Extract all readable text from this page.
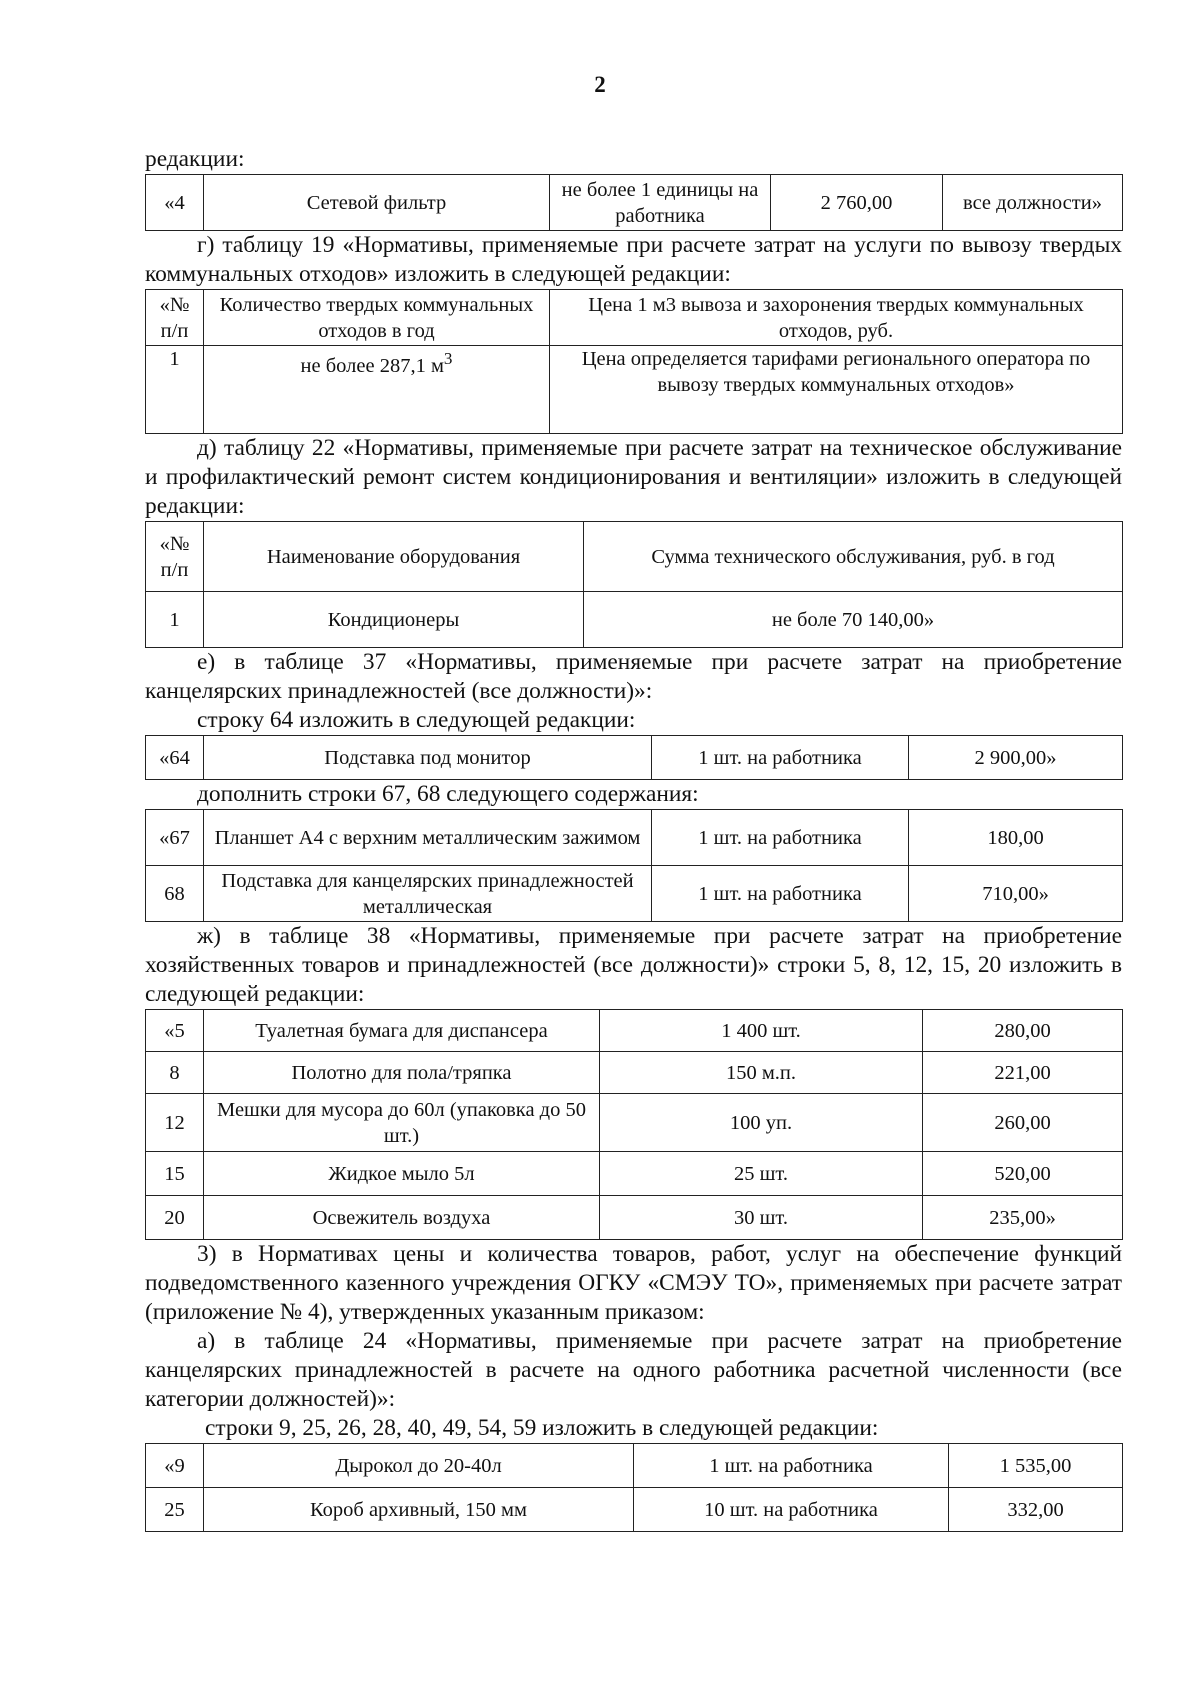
2

редакции:

«4	Сетевой фильтр	не более 1 единицы на работника	2 760,00	все должности»

г) таблицу 19 «Нормативы, применяемые при расчете затрат на услуги по вывозу твердых коммунальных отходов» изложить в следующей редакции:

«№ п/п	Количество твердых коммунальных отходов в год	Цена 1 м3 вывоза и захоронения твердых коммунальных отходов, руб.
1	не более 287,1 $м^3$	Цена определяется тарифами регионального оператора по вывозу твердых коммунальных отходов»

д) таблицу 22 «Нормативы, применяемые при расчете затрат на техническое обслуживание и профилактический ремонт систем кондиционирования и вентиляции» изложить в следующей редакции:

«№ п/п	Наименование оборудования	Сумма технического обслуживания, руб. в год
1	Кондиционеры	не боле 70 140,00»

е) в таблице 37 «Нормативы, применяемые при расчете затрат на приобретение канцелярских принадлежностей (все должности)»:

строку 64 изложить в следующей редакции:

«64	Подставка под монитор	1 шт. на работника	2 900,00»

дополнить строки 67, 68 следующего содержания:

«67	Планшет А4 с верхним металлическим зажимом	1 шт. на работника	180,00
68	Подставка для канцелярских принадлежностей металлическая	1 шт. на работника	710,00»

ж) в таблице 38 «Нормативы, применяемые при расчете затрат на приобретение хозяйственных товаров и принадлежностей (все должности)» строки 5, 8, 12, 15, 20 изложить в следующей редакции:

«5	Туалетная бумага для диспансера	1 400 шт.	280,00
8	Полотно для пола/тряпка	150 м.п.	221,00
12	Мешки для мусора до 60л (упаковка до 50 шт.)	100 уп.	260,00
15	Жидкое мыло 5л	25 шт.	520,00
20	Освежитель воздуха	30 шт.	235,00»

3) в Нормативах цены и количества товаров, работ, услуг на обеспечение функций подведомственного казенного учреждения ОГКУ «СМЭУ ТО», применяемых при расчете затрат (приложение № 4), утвержденных указанным приказом:

а) в таблице 24 «Нормативы, применяемые при расчете затрат на приобретение канцелярских принадлежностей в расчете на одного работника расчетной численности (все категории должностей)»:

строки 9, 25, 26, 28, 40, 49, 54, 59 изложить в следующей редакции:

«9	Дырокол до 20-40л	1 шт. на работника	1 535,00
25	Короб архивный, 150 мм	10 шт. на работника	332,00
